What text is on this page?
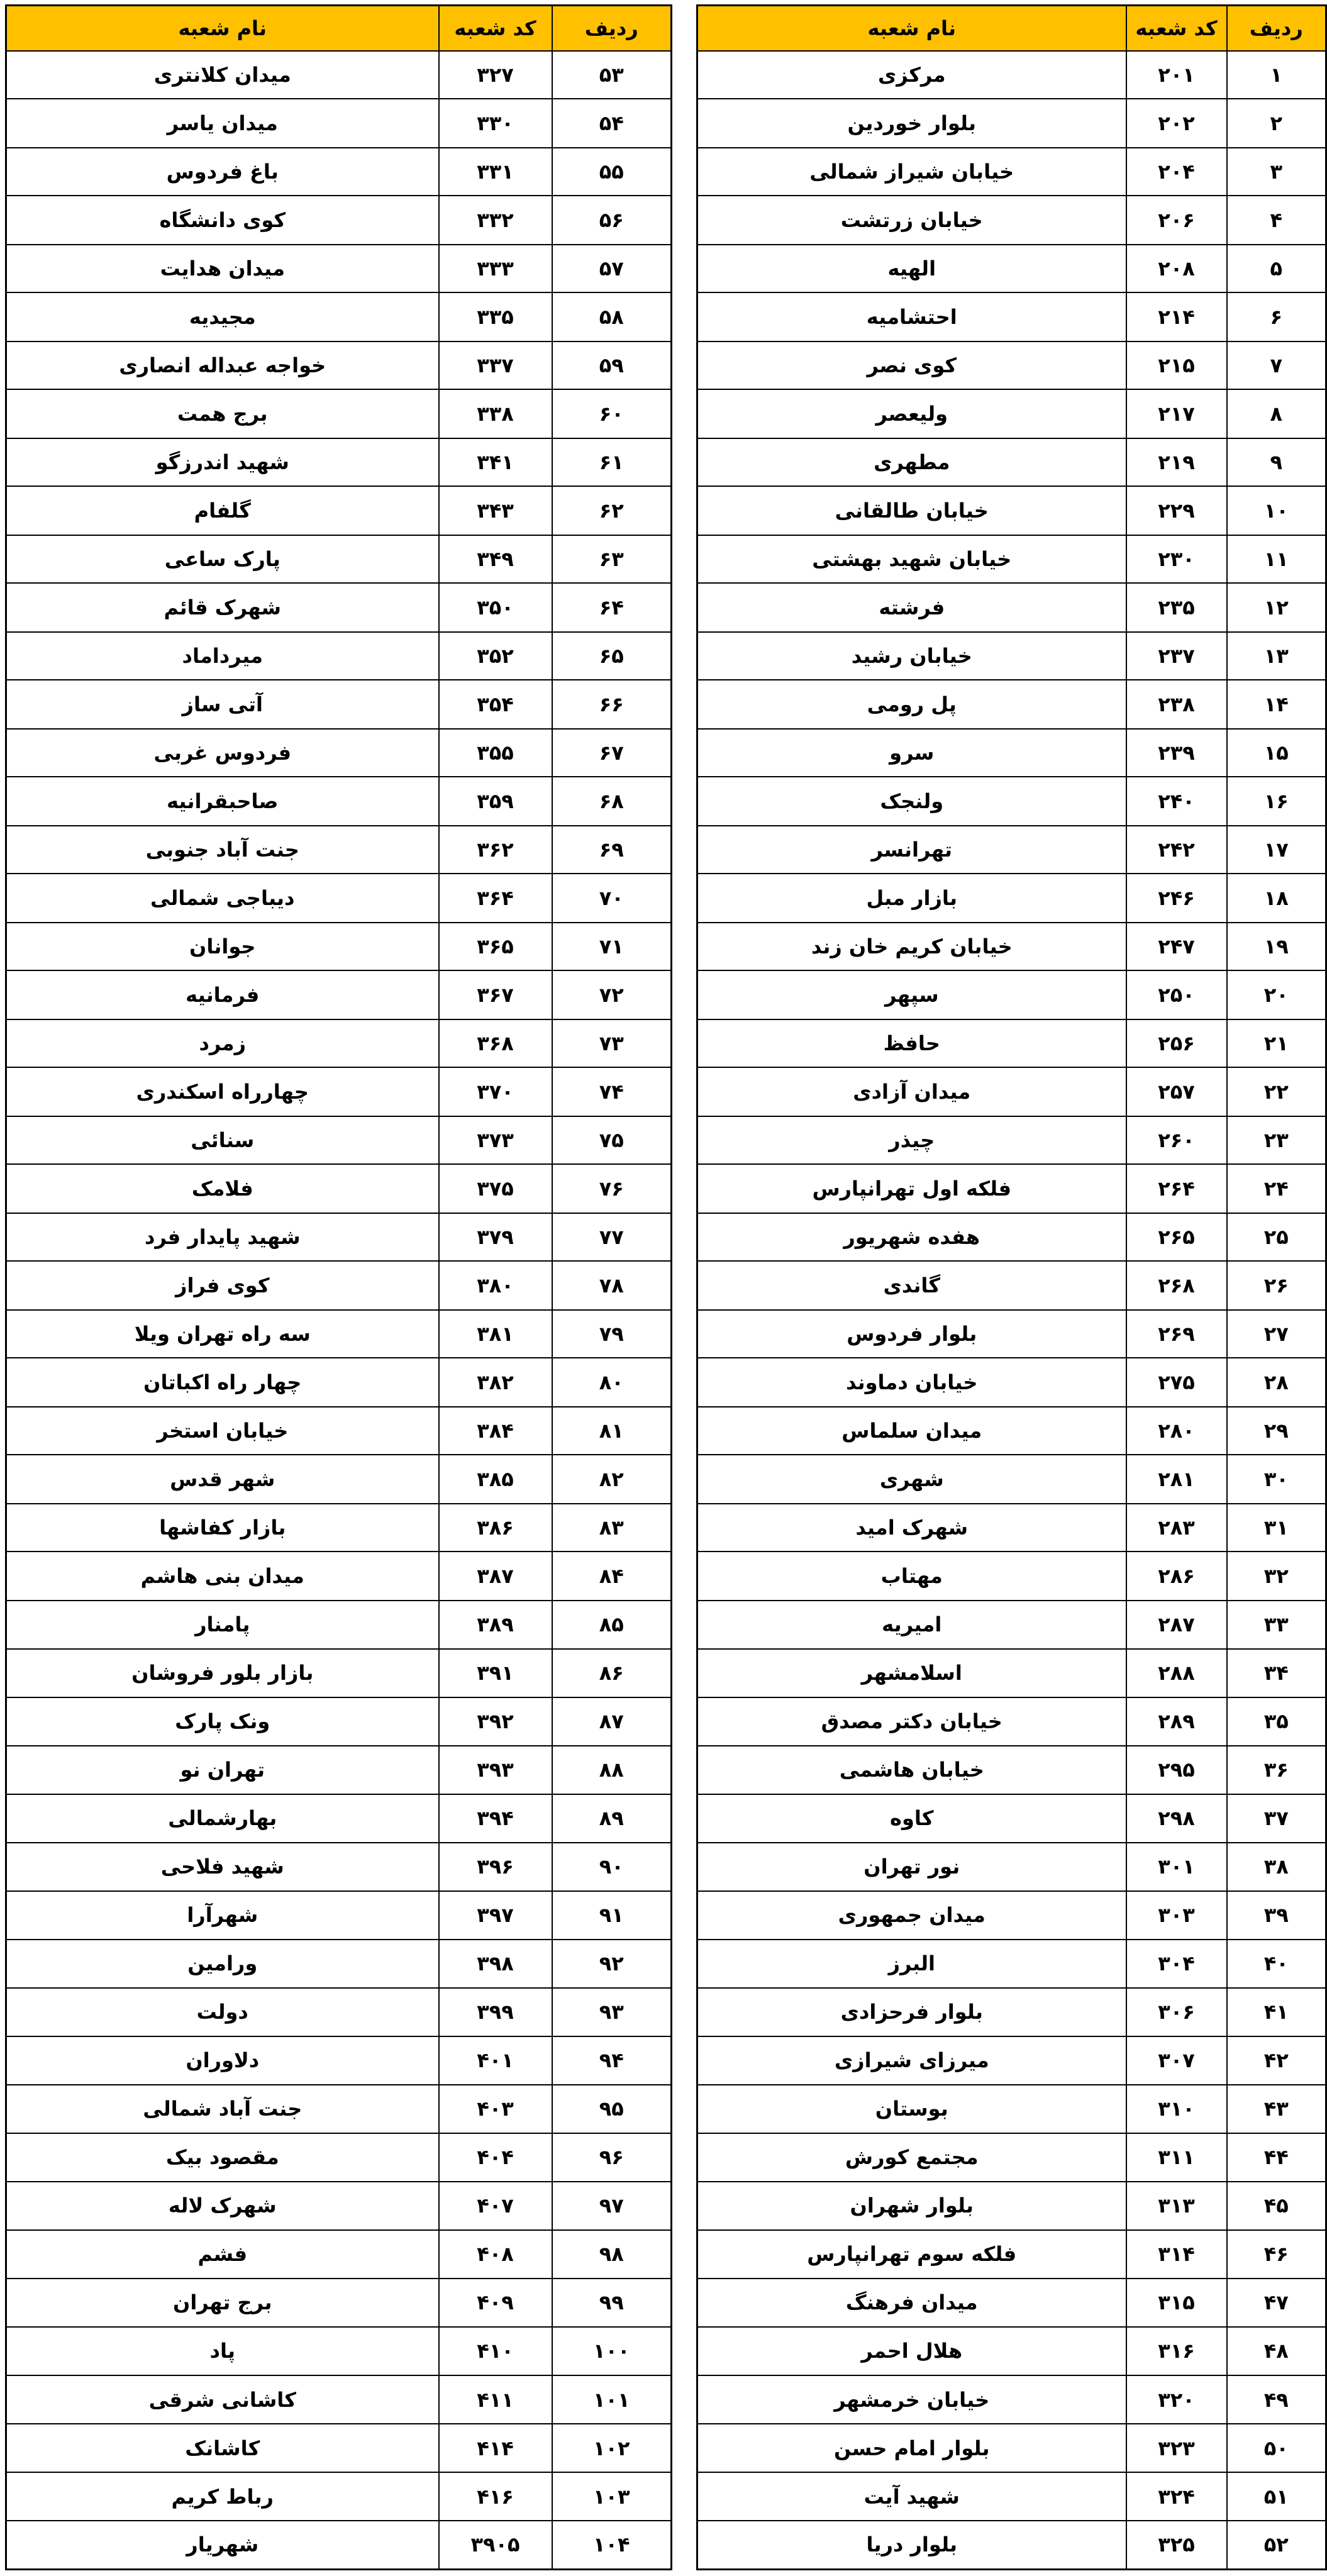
ردیف	کد شعبه	نام شعبه
۱	۲۰۱	مرکزی
۲	۲۰۲	بلوار خوردین
۳	۲۰۴	خیابان شیراز شمالی
۴	۲۰۶	خیابان زرتشت
۵	۲۰۸	الهیه
۶	۲۱۴	احتشامیه
۷	۲۱۵	کوی نصر
۸	۲۱۷	ولیعصر
۹	۲۱۹	مطهری
۱۰	۲۲۹	خیابان طالقانی
۱۱	۲۳۰	خیابان شهید بهشتی
۱۲	۲۳۵	فرشته
۱۳	۲۳۷	خیابان رشید
۱۴	۲۳۸	پل رومی
۱۵	۲۳۹	سرو
۱۶	۲۴۰	ولنجک
۱۷	۲۴۲	تهرانسر
۱۸	۲۴۶	بازار مبل
۱۹	۲۴۷	خیابان کریم خان زند
۲۰	۲۵۰	سپهر
۲۱	۲۵۶	حافظ
۲۲	۲۵۷	میدان آزادی
۲۳	۲۶۰	چیذر
۲۴	۲۶۴	فلکه اول تهرانپارس
۲۵	۲۶۵	هفده شهریور
۲۶	۲۶۸	گاندی
۲۷	۲۶۹	بلوار فردوس
۲۸	۲۷۵	خیابان دماوند
۲۹	۲۸۰	میدان سلماس
۳۰	۲۸۱	شهری
۳۱	۲۸۳	شهرک امید
۳۲	۲۸۶	مهتاب
۳۳	۲۸۷	امیریه
۳۴	۲۸۸	اسلامشهر
۳۵	۲۸۹	خیابان دکتر مصدق
۳۶	۲۹۵	خیابان هاشمی
۳۷	۲۹۸	کاوه
۳۸	۳۰۱	نور تهران
۳۹	۳۰۳	میدان جمهوری
۴۰	۳۰۴	البرز
۴۱	۳۰۶	بلوار فرحزادی
۴۲	۳۰۷	میرزای شیرازی
۴۳	۳۱۰	بوستان
۴۴	۳۱۱	مجتمع کورش
۴۵	۳۱۳	بلوار شهران
۴۶	۳۱۴	فلکه سوم تهرانپارس
۴۷	۳۱۵	میدان فرهنگ
۴۸	۳۱۶	هلال احمر
۴۹	۳۲۰	خیابان خرمشهر
۵۰	۳۲۳	بلوار امام حسن
۵۱	۳۲۴	شهید آیت
۵۲	۳۲۵	بلوار دریا
ردیف	کد شعبه	نام شعبه
۵۳	۳۲۷	میدان کلانتری
۵۴	۳۳۰	میدان یاسر
۵۵	۳۳۱	باغ فردوس
۵۶	۳۳۲	کوی دانشگاه
۵۷	۳۳۳	میدان هدایت
۵۸	۳۳۵	مجیدیه
۵۹	۳۳۷	خواجه عبداله انصاری
۶۰	۳۳۸	برج همت
۶۱	۳۴۱	شهید اندرزگو
۶۲	۳۴۳	گلفام
۶۳	۳۴۹	پارک ساعی
۶۴	۳۵۰	شهرک قائم
۶۵	۳۵۲	میرداماد
۶۶	۳۵۴	آتی ساز
۶۷	۳۵۵	فردوس غربی
۶۸	۳۵۹	صاحبقرانیه
۶۹	۳۶۲	جنت آباد جنوبی
۷۰	۳۶۴	دیباجی شمالی
۷۱	۳۶۵	جوانان
۷۲	۳۶۷	فرمانیه
۷۳	۳۶۸	زمرد
۷۴	۳۷۰	چهارراه اسکندری
۷۵	۳۷۳	سنائی
۷۶	۳۷۵	فلامک
۷۷	۳۷۹	شهید پایدار فرد
۷۸	۳۸۰	کوی فراز
۷۹	۳۸۱	سه راه تهران ویلا
۸۰	۳۸۲	چهار راه اکباتان
۸۱	۳۸۴	خیابان استخر
۸۲	۳۸۵	شهر قدس
۸۳	۳۸۶	بازار کفاشها
۸۴	۳۸۷	میدان بنی هاشم
۸۵	۳۸۹	پامنار
۸۶	۳۹۱	بازار بلور فروشان
۸۷	۳۹۲	ونک پارک
۸۸	۳۹۳	تهران نو
۸۹	۳۹۴	بهارشمالی
۹۰	۳۹۶	شهید فلاحی
۹۱	۳۹۷	شهرآرا
۹۲	۳۹۸	ورامین
۹۳	۳۹۹	دولت
۹۴	۴۰۱	دلاوران
۹۵	۴۰۳	جنت آباد شمالی
۹۶	۴۰۴	مقصود بیک
۹۷	۴۰۷	شهرک لاله
۹۸	۴۰۸	فشم
۹۹	۴۰۹	برج تهران
۱۰۰	۴۱۰	پاد
۱۰۱	۴۱۱	کاشانی شرقی
۱۰۲	۴۱۴	کاشانک
۱۰۳	۴۱۶	رباط کریم
۱۰۴	۳۹۰۵	شهریار
